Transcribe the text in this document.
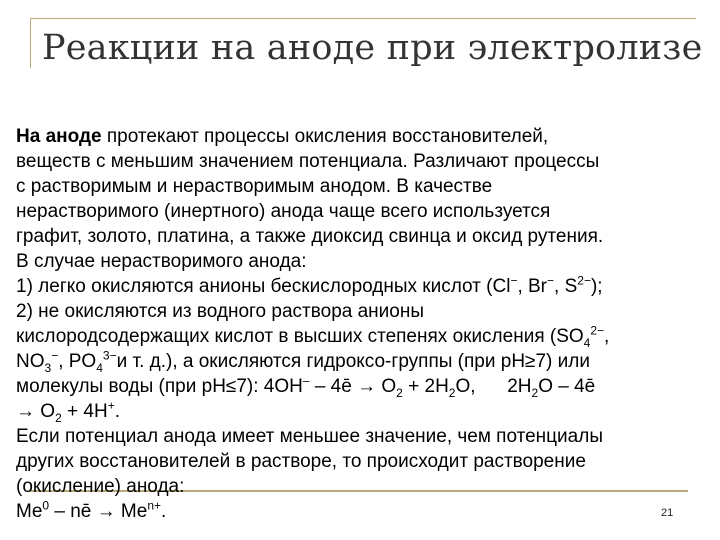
Реакции на аноде при электролизе
На аноде протекают процессы окисления восстановителей,
веществ с меньшим значением потенциала. Различают процессы
с растворимым и нерастворимым анодом. В качестве
нерастворимого (инертного) анода чаще всего используется
графит, золото, платина, а также диоксид свинца и оксид рутения.
В случае нерастворимого анода:
1) легко окисляются анионы бескислородных кислот (Cl−, Br−, $S^{2-}$);
2) не окисляются из водного раствора анионы
кислородсодержащих кислот в высших степенях окисления ($SO_4^{2-}$,
$NO_3^-$, $PO_4^{3-}и$ т. д.), а окисляются гидроксо-группы (при pH≥7) или
молекулы воды (при pH≤7): 4OH– – 4ē → $O_2 + 2H_2O$,      $2H_2O$ – 4ē
→ $O_2 + 4H^+$.
Если потенциал анода имеет меньшее значение, чем потенциалы
других восстановителей в растворе, то происходит растворение
(окисление) анода:
Me$^0$ – nē → $Me^{n+}$.	21
